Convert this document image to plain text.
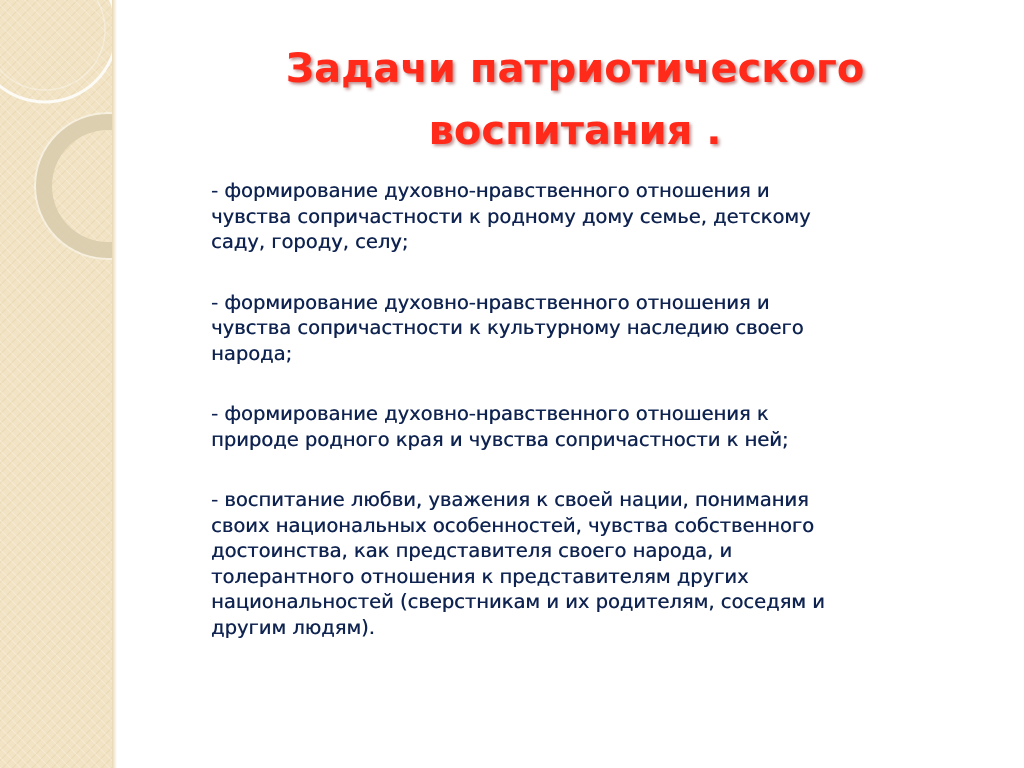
Задачи патриотического
воспитания .
- формирование духовно-нравственного отношения и
чувства сопричастности к родному дому семье, детскому
саду, городу, селу;
- формирование духовно-нравственного отношения и
чувства сопричастности к культурному наследию своего
народа;
- формирование духовно-нравственного отношения к
природе родного края и чувства сопричастности к ней;
- воспитание любви, уважения к своей нации, понимания
своих национальных особенностей, чувства собственного
достоинства, как представителя своего народа, и
толерантного отношения к представителям других
национальностей (сверстникам и их родителям, соседям и
другим людям).
